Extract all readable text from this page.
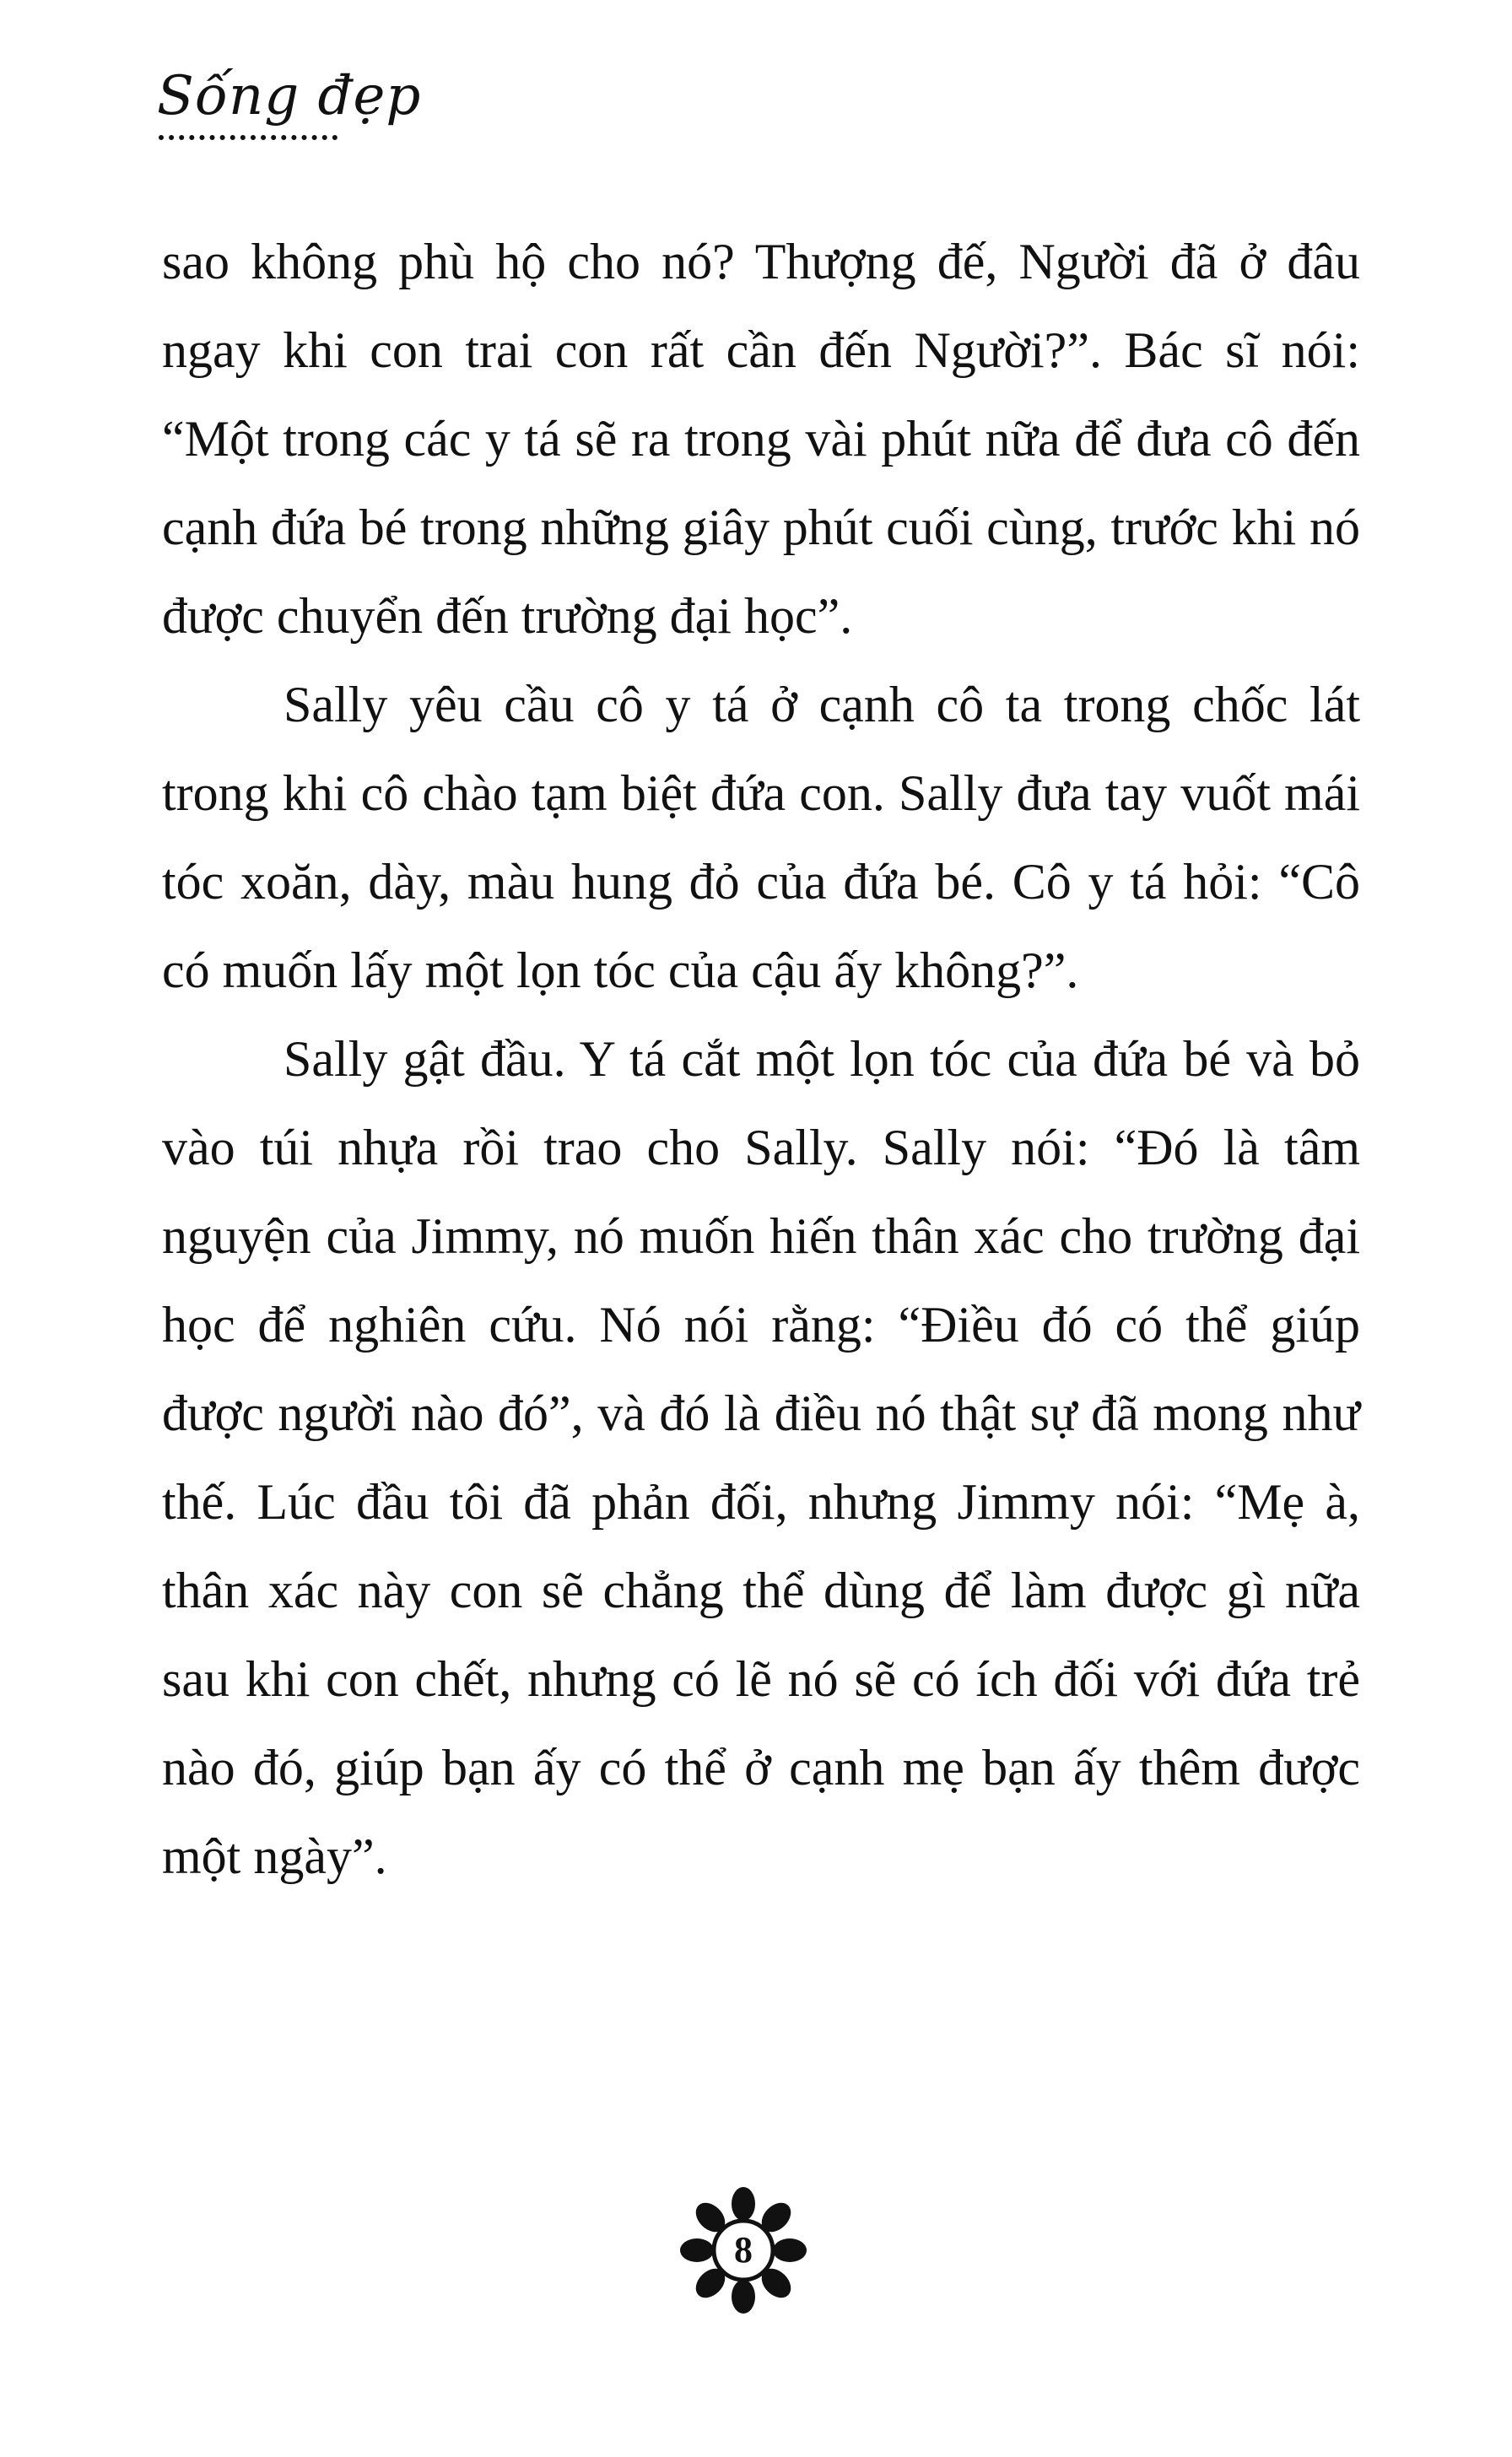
Sống đẹp

sao không phù hộ cho nó? Thượng đế, Người đã ở đâu ngay khi con trai con rất cần đến Người?”. Bác sĩ nói: “Một trong các y tá sẽ ra trong vài phút nữa để đưa cô đến cạnh đứa bé trong những giây phút cuối cùng, trước khi nó được chuyển đến trường đại học”.

Sally yêu cầu cô y tá ở cạnh cô ta trong chốc lát trong khi cô chào tạm biệt đứa con. Sally đưa tay vuốt mái tóc xoăn, dày, màu hung đỏ của đứa bé. Cô y tá hỏi: “Cô có muốn lấy một lọn tóc của cậu ấy không?”.

Sally gật đầu. Y tá cắt một lọn tóc của đứa bé và bỏ vào túi nhựa rồi trao cho Sally. Sally nói: “Đó là tâm nguyện của Jimmy, nó muốn hiến thân xác cho trường đại học để nghiên cứu. Nó nói rằng: “Điều đó có thể giúp được người nào đó”, và đó là điều nó thật sự đã mong như thế. Lúc đầu tôi đã phản đối, nhưng Jimmy nói: “Mẹ à, thân xác này con sẽ chẳng thể dùng để làm được gì nữa sau khi con chết, nhưng có lẽ nó sẽ có ích đối với đứa trẻ nào đó, giúp bạn ấy có thể ở cạnh mẹ bạn ấy thêm được một ngày”.

8
